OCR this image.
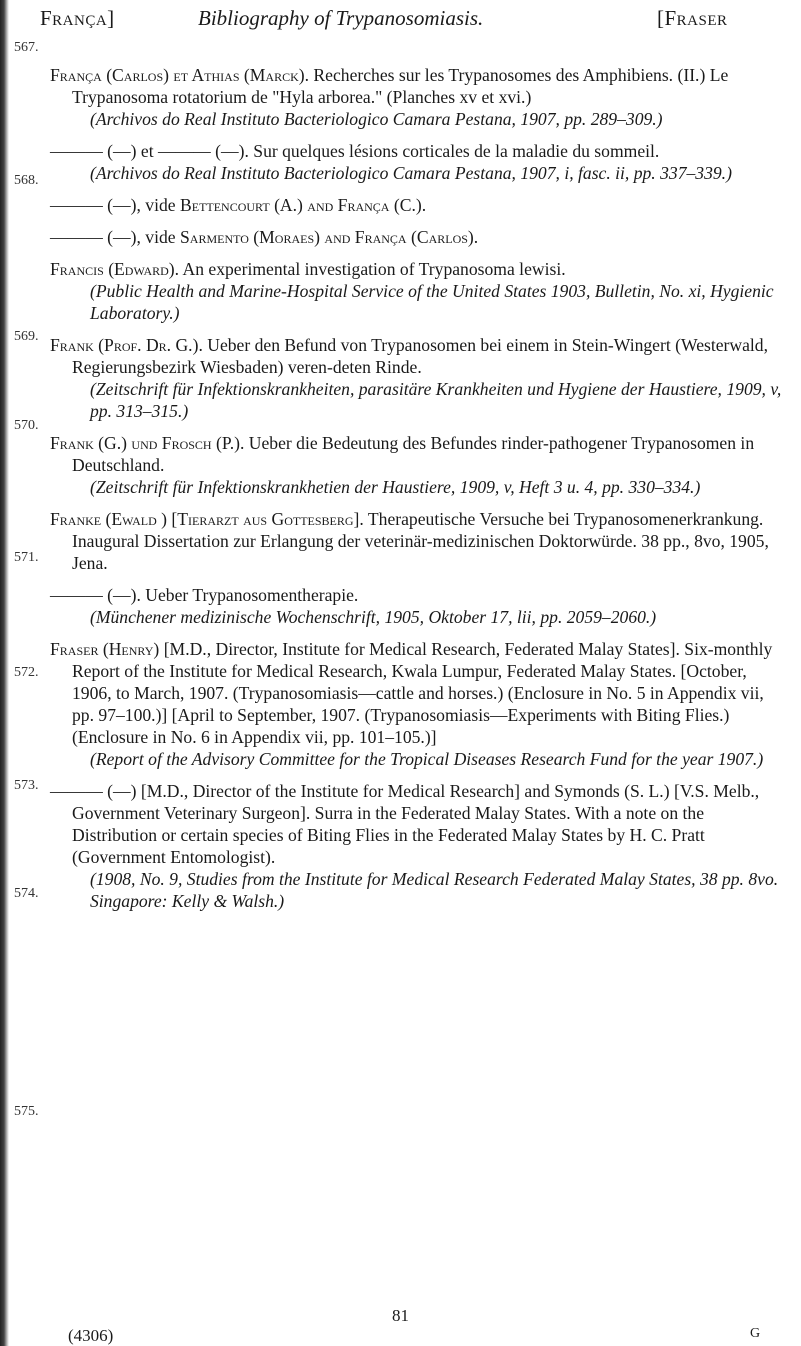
França]	Bibliography of Trypanosomiasis.	[Fraser
567.
568.
569.
570.
571.
572.
573.
574.
575.

França (Carlos) et Athias (Marck). Recherches sur les Trypanosomes des Amphibiens. (II.) Le Trypanosoma rotatorium de "Hyla arborea." (Planches xv et xvi.)

(Archivos do Real Instituto Bacteriologico Camara Pestana, 1907, pp. 289–309.)

——— (—) et ——— (—). Sur quelques lésions corticales de la maladie du sommeil.

(Archivos do Real Instituto Bacteriologico Camara Pestana, 1907, i, fasc. ii, pp. 337–339.)

——— (—), vide Bettencourt (A.) and França (C.).

——— (—), vide Sarmento (Moraes) and França (Carlos).

Francis (Edward). An experimental investigation of Trypanosoma lewisi.

(Public Health and Marine-Hospital Service of the United States 1903, Bulletin, No. xi, Hygienic Laboratory.)

Frank (Prof. Dr. G.). Ueber den Befund von Trypanosomen bei einem in Stein-Wingert (Westerwald, Regierungsbezirk Wiesbaden) veren-deten Rinde.

(Zeitschrift für Infektionskrankheiten, parasitäre Krankheiten und Hygiene der Haustiere, 1909, v, pp. 313–315.)

Frank (G.) und Frosch (P.). Ueber die Bedeutung des Befundes rinder-pathogener Trypanosomen in Deutschland.

(Zeitschrift für Infektionskrankhetien der Haustiere, 1909, v, Heft 3 u. 4, pp. 330–334.)

Franke (Ewald ) [Tierarzt aus Gottesberg]. Therapeutische Versuche bei Trypanosomenerkrankung. Inaugural Dissertation zur Erlangung der veterinär-medizinischen Doktorwürde. 38 pp., 8vo, 1905, Jena.

——— (—). Ueber Trypanosomentherapie.

(Münchener medizinische Wochenschrift, 1905, Oktober 17, lii, pp. 2059–2060.)

Fraser (Henry) [M.D., Director, Institute for Medical Research, Federated Malay States]. Six-monthly Report of the Institute for Medical Research, Kwala Lumpur, Federated Malay States. [October, 1906, to March, 1907. (Trypanosomiasis—cattle and horses.) (Enclosure in No. 5 in Appendix vii, pp. 97–100.)] [April to September, 1907. (Trypanosomiasis—Experiments with Biting Flies.) (Enclosure in No. 6 in Appendix vii, pp. 101–105.)]

(Report of the Advisory Committee for the Tropical Diseases Research Fund for the year 1907.)

——— (—) [M.D., Director of the Institute for Medical Research] and Symonds (S. L.) [V.S. Melb., Government Veterinary Surgeon]. Surra in the Federated Malay States. With a note on the Distribution or certain species of Biting Flies in the Federated Malay States by H. C. Pratt (Government Entomologist).

(1908, No. 9, Studies from the Institute for Medical Research Federated Malay States, 38 pp. 8vo. Singapore: Kelly & Walsh.)

81
(4306)	G
